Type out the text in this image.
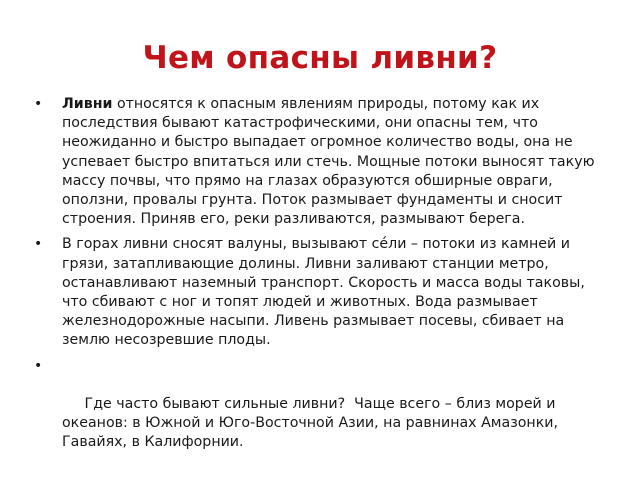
Чем опасны ливни?
• Ливни относятся к опасным явлениям природы, потому как их последствия бывают катастрофическими, они опасны тем, что неожиданно и быстро выпадает огромное количество воды, она не успевает быстро впитаться или стечь. Мощные потоки выносят такую массу почвы, что прямо на глазах образуются обширные овраги, оползни, провалы грунта. Поток размывает фундаменты и сносит строения. Приняв его, реки разливаются, размывают берега.
• В горах ливни сносят валуны, вызывают се́ли – потоки из камней и грязи, затапливающие долины. Ливни заливают станции метро, останавливают наземный транспорт. Скорость и масса воды таковы, что сбивают с ног и топят людей и животных. Вода размывает железнодорожные насыпи. Ливень размывает посевы, сбивает на землю несозревшие плоды.

•

Где часто бывают сильные ливни?  Чаще всего – близ морей и океанов: в Южной и Юго-Восточной Азии, на равнинах Амазонки, Гавайях, в Калифорнии.
